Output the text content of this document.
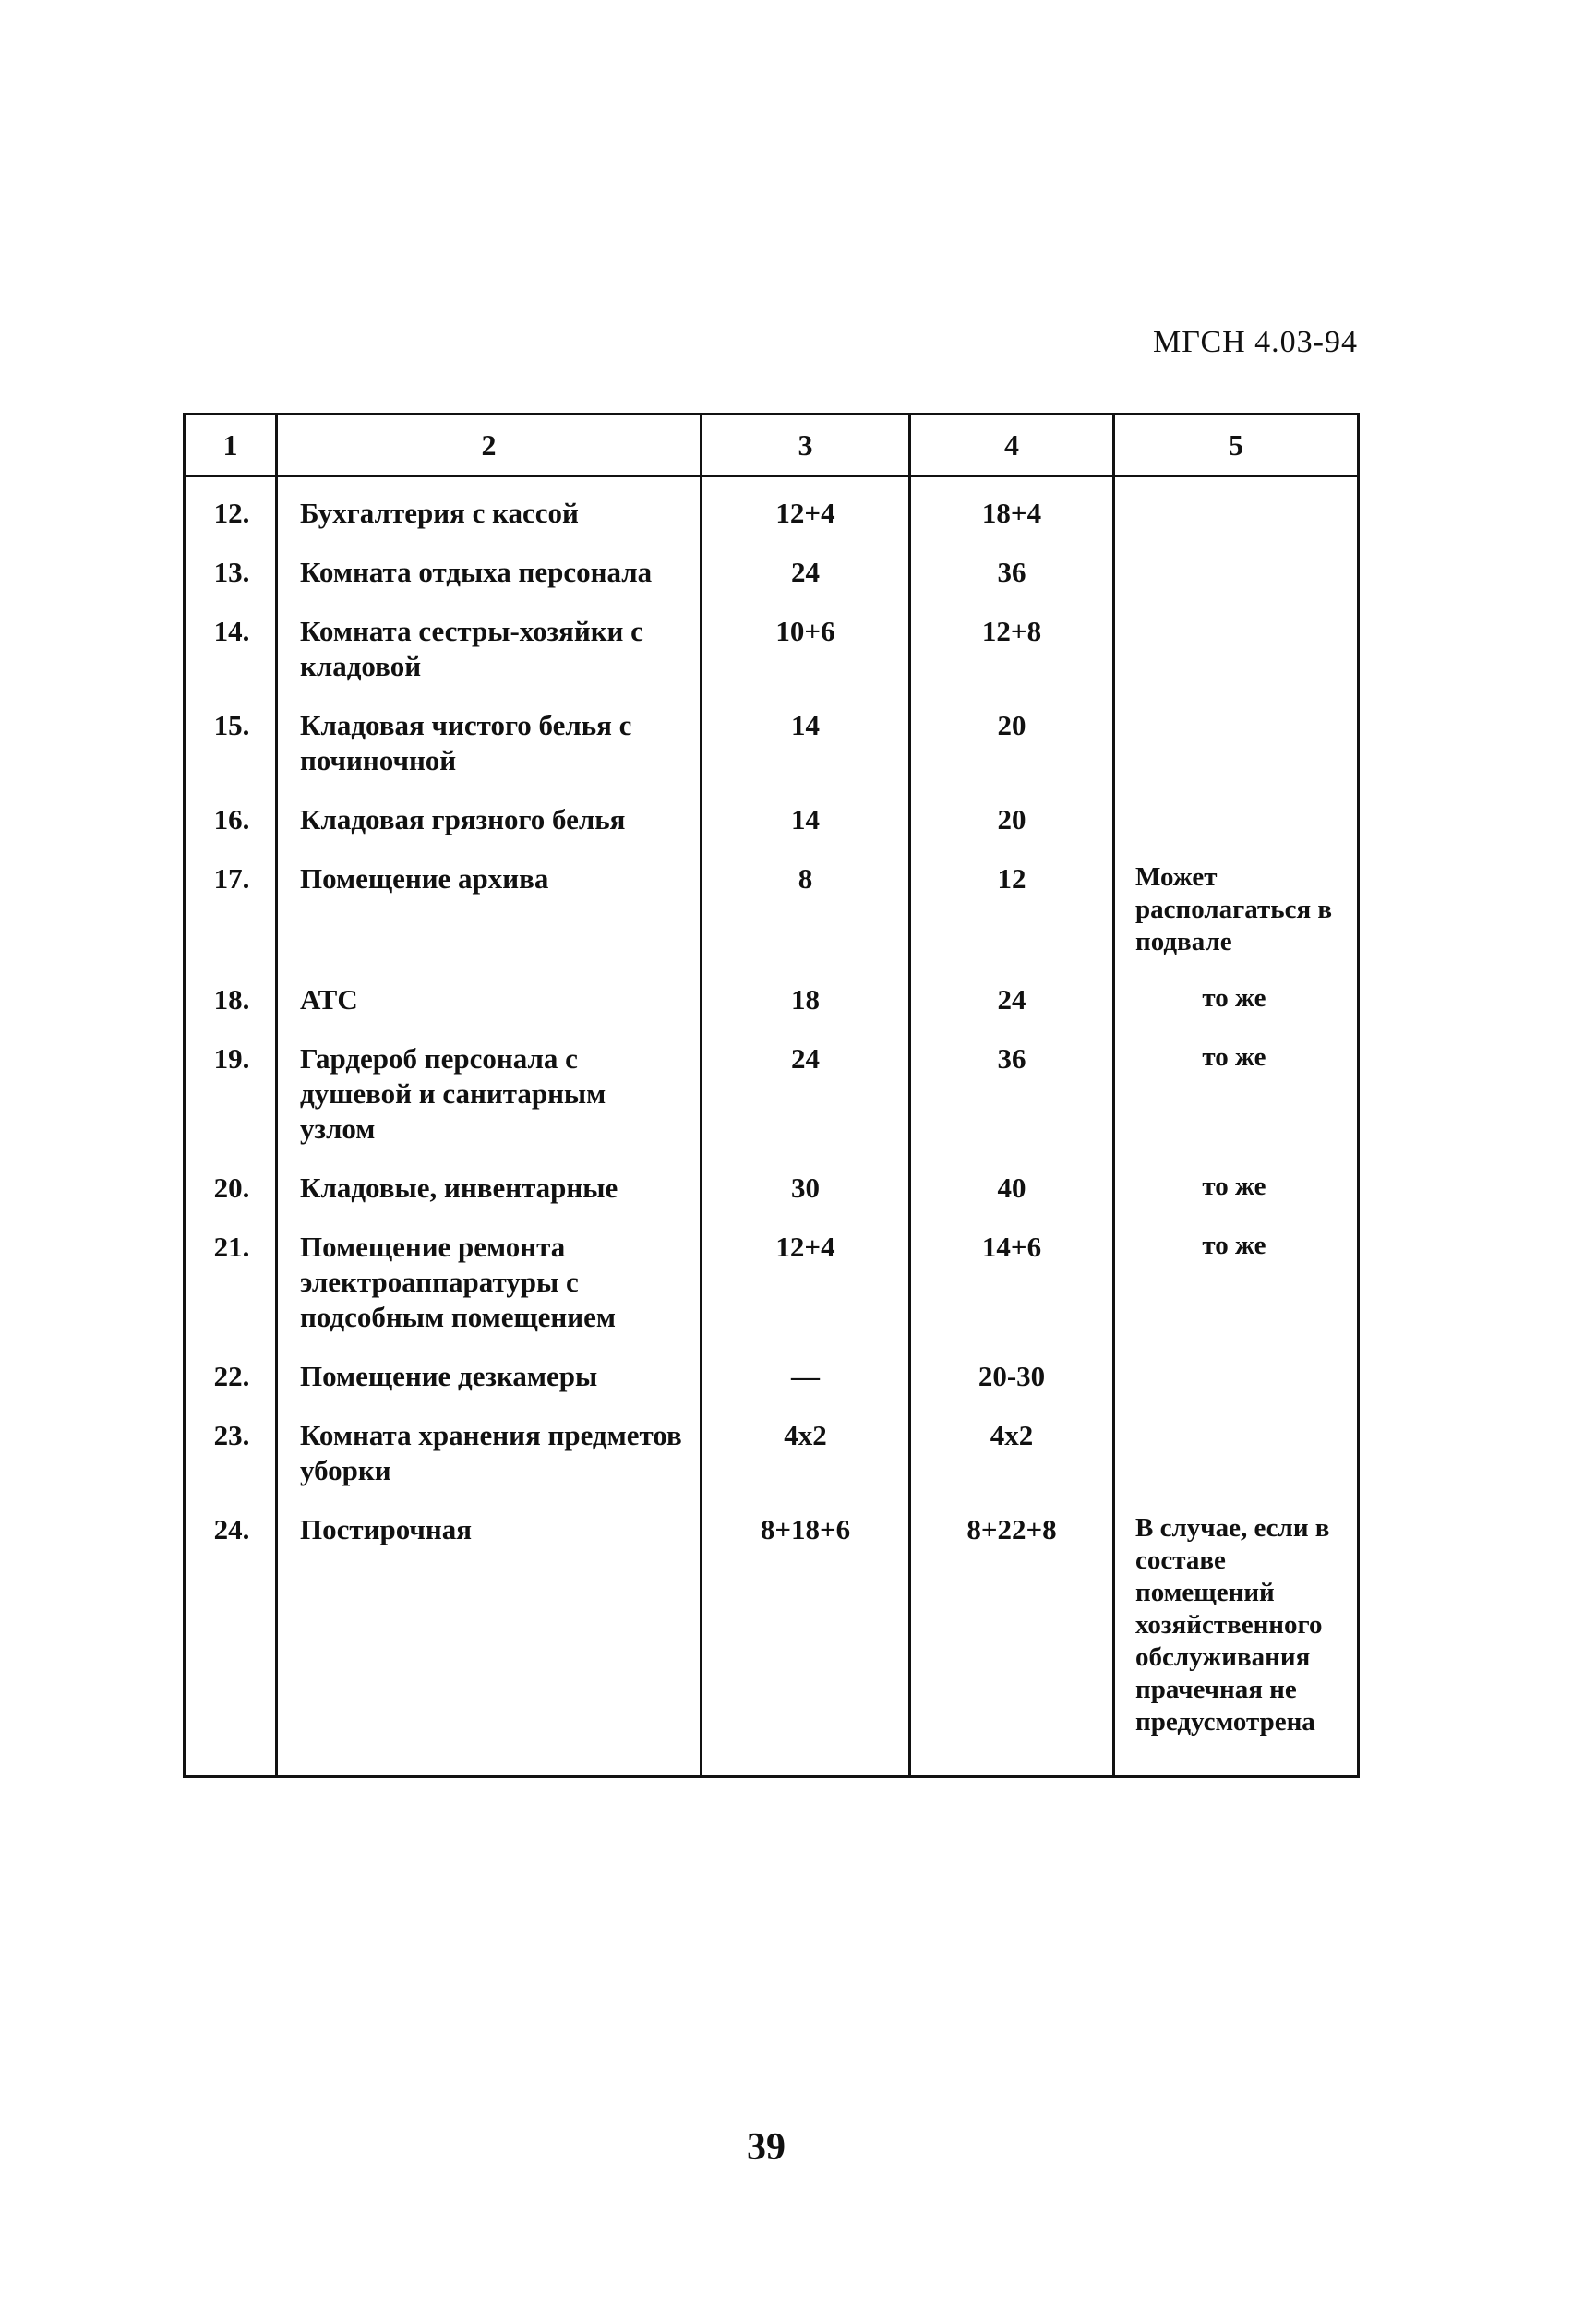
МГСН 4.03-94
1	2	3	4	5
12.	Бухгалтерия с кассой	12+4	18+4	
13.	Комната отдыха персонала	24	36	
14.	Комната сестры-хозяйки с кладовой	10+6	12+8	
15.	Кладовая чистого белья с починочной	14	20	
16.	Кладовая грязного белья	14	20	
17.	Помещение архива	8	12	Может располагаться в подвале
18.	АТС	18	24	то же
19.	Гардероб персонала с душевой и санитарным узлом	24	36	то же
20.	Кладовые, инвентарные	30	40	то же
21.	Помещение ремонта электроаппаратуры с подсобным помещением	12+4	14+6	то же
22.	Помещение дезкамеры	—	20-30	
23.	Комната хранения предметов уборки	4x2	4x2	
24.	Постирочная	8+18+6	8+22+8	В случае, если в составе помещений хозяйственного обслуживания прачечная не предусмотрена
39
